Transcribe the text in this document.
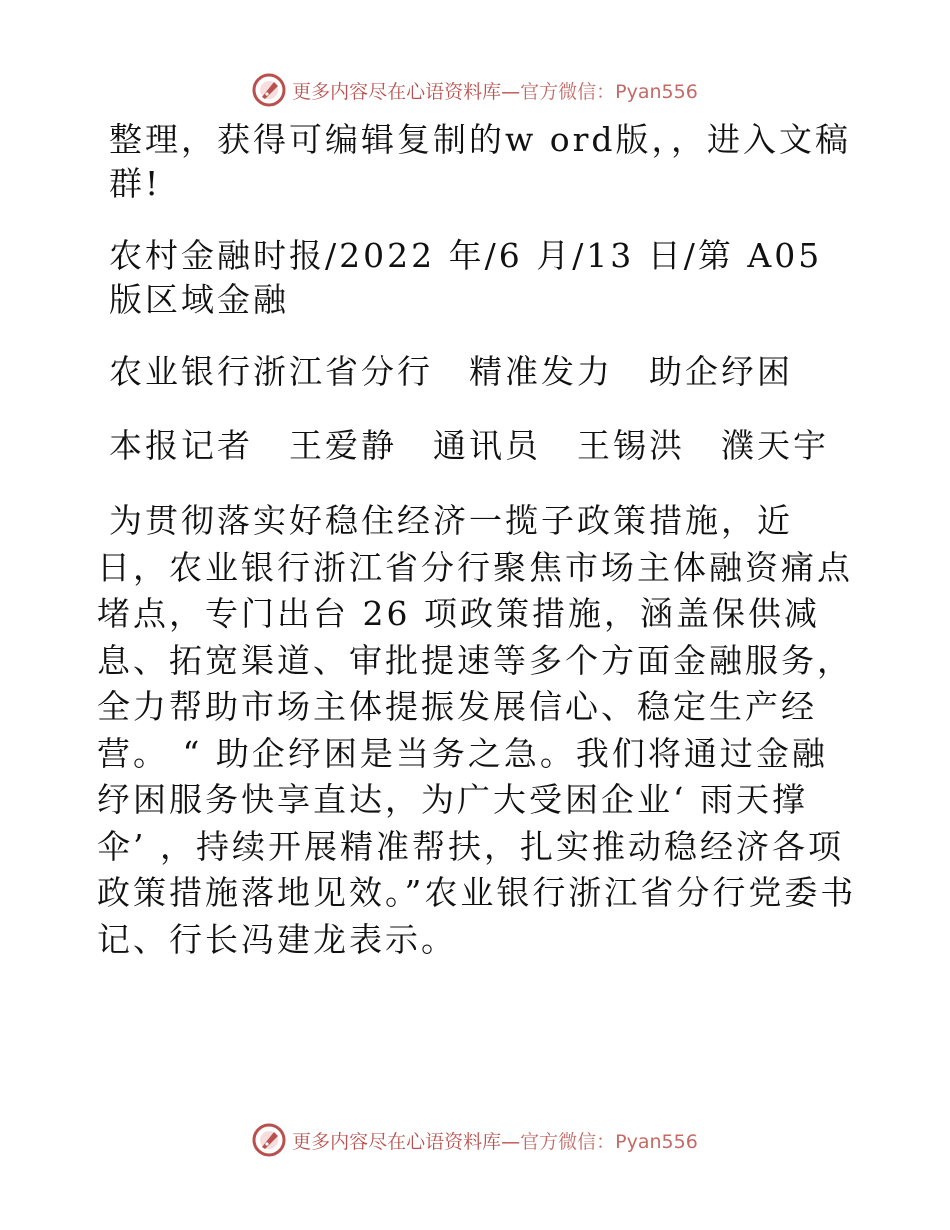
更多内容尽在心语资料库—官方微信：Pyan556

整理，获得可编辑复制的w ord版，，进入文稿群!

农村金融时报/2022 年/6 月/13 日/第 A05 版区域金融

农业银行浙江省分行　精准发力　助企纾困

本报记者　王爱静　通讯员　王锡洪　濮天宇

为贯彻落实好稳住经济一揽子政策措施，近日，农业银行浙江省分行聚焦市场主体融资痛点堵点，专门出台 26 项政策措施，涵盖保供减息、拓宽渠道、审批提速等多个方面金融服务，全力帮助市场主体提振发展信心、稳定生产经营。 “ 助企纾困是当务之急。我们将通过金融纾困服务快享直达，为广大受困企业‘ 雨天撑伞’ ，持续开展精准帮扶，扎实推动稳经济各项政策措施落地见效。”农业银行浙江省分行党委书记、行长冯建龙表示。

更多内容尽在心语资料库—官方微信：Pyan556
